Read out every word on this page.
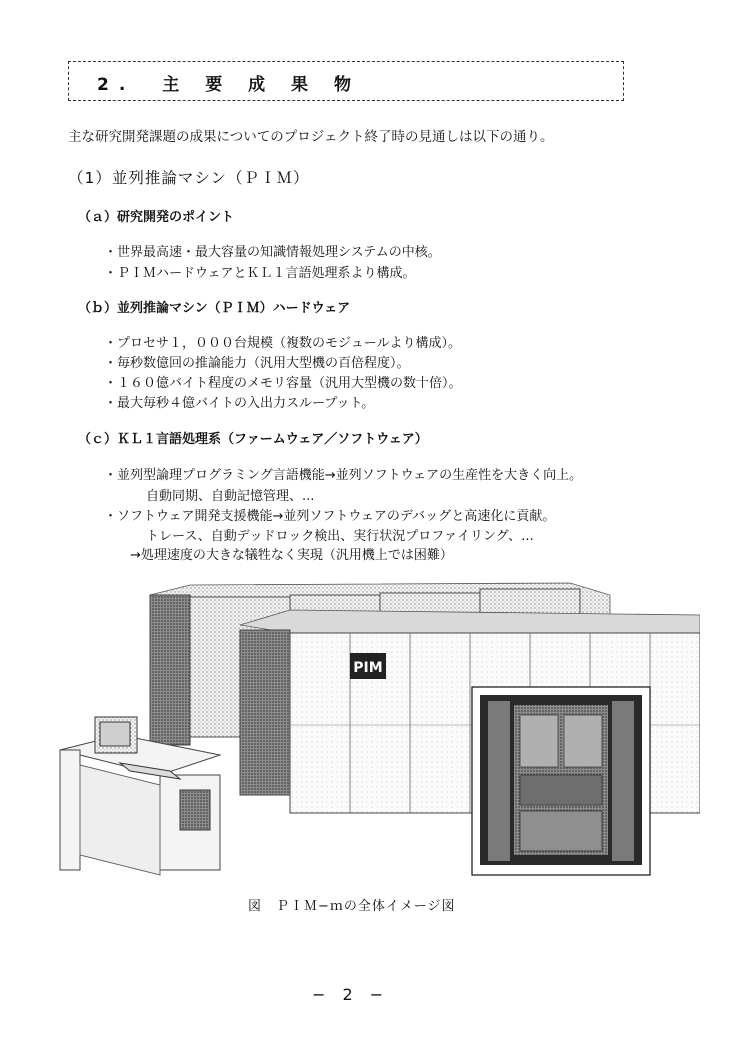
2.　主 要 成 果 物
主な研究開発課題の成果についてのプロジェクト終了時の見通しは以下の通り。
（1）並列推論マシン（ＰＩＭ）
（ａ）研究開発のポイント
・世界最高速・最大容量の知識情報処理システムの中核。
・ＰＩＭハードウェアとＫＬ１言語処理系より構成。
（ｂ）並列推論マシン（ＰＩＭ）ハードウェア
・プロセサ１，０００台規模（複数のモジュールより構成）。
・毎秒数億回の推論能力（汎用大型機の百倍程度）。
・１６０億バイト程度のメモリ容量（汎用大型機の数十倍）。
・最大毎秒４億バイトの入出力スループット。
（ｃ）ＫＬ１言語処理系（ファームウェア／ソフトウェア）
・並列型論理プログラミング言語機能→並列ソフトウェアの生産性を大きく向上。
自動同期、自動記憶管理、...
・ソフトウェア開発支援機能→並列ソフトウェアのデバッグと高速化に貢献。
トレース、自動デッドロック検出、実行状況プロファイリング、...
→処理速度の大きな犠牲なく実現（汎用機上では困難）
PIM
図　ＰＩＭ−ｍの全体イメージ図
− 2 −
